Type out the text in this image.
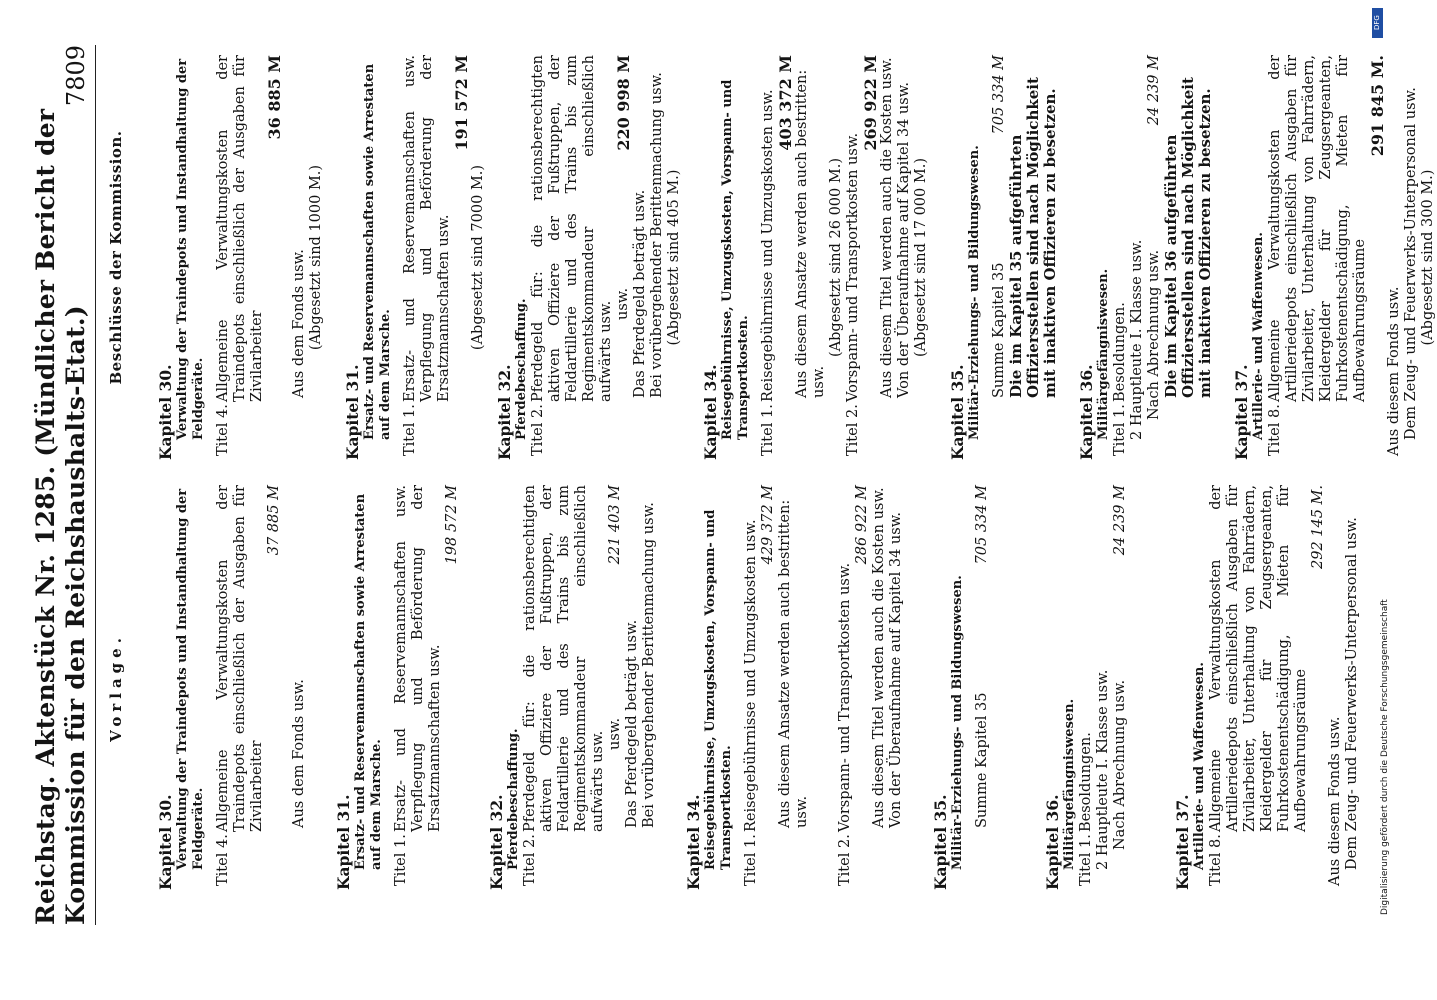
Reichstag. Aktenstück Nr. 1285. (Mündlicher Bericht der Kommission für den Reichshaushalts-Etat.)
7809
Vorlage.
Kapitel 30. Verwaltung der Traindepots und Instandhaltung der Feldgeräte. Titel 4.
Allgemeine Verwaltungskosten der Traindepots einschließlich der Ausgaben für Zivilarbeiter
37 885 M
Aus dem Fonds usw.
Kapitel 31. Ersatz- und Reservemannschaften sowie Arrestaten auf dem Marsche. Titel 1.
Ersatz- und Reservemannschaften usw. Verpflegung und Beförderung der Ersatzmannschaften usw.
198 572 M
Kapitel 32. Pferdebeschaffung. Titel 2.
Pferdegeld für: die rationsberechtigten aktiven Offiziere der Fußtruppen, der Feldartillerie und des Trains bis zum Regimentskommandeur einschließlich aufwärts usw. usw.
221 403 M
Das Pferdegeld beträgt usw. Bei vorübergehender Berittenmachung usw.
Kapitel 34. Reisegebührnisse, Umzugskosten, Vorspann- und Transportkosten. Titel 1.
Reisegebührnisse und Umzugskosten usw. 429 372 M Aus diesem Ansatze werden auch bestritten: usw.
Titel 2.
Vorspann- und Transportkosten usw.
286 922 M Aus diesem Titel werden auch die Kosten usw. Von der Überaufnahme auf Kapitel 34 usw.
Kapitel 35. Militär-Erziehungs- und Bildungswesen. Summe Kapitel 35
705 334 M
Kapitel 36. Militärgefängniswesen. Titel 1.
Besoldungen. 2 Hauptleute I. Klasse usw. Nach Abrechnung usw.
24 239 M
Kapitel 37. Artillerie- und Waffenwesen. Titel 8.
Allgemeine Verwaltungskosten der Artilleriedepots einschließlich Ausgaben für Zivilarbeiter, Unterhaltung von Fahrrädern, Kleidergelder für Zeugsergeanten, Fuhrkostenentschädigung, Mieten für Aufbewahrungsräume
292 145 M.
Aus diesem Fonds usw. Dem Zeug- und Feuerwerks-Unterpersonal usw.
Beschlüsse der Kommission.
Kapitel 30. Verwaltung der Traindepots und Instandhaltung der Feldgeräte. Titel 4.
Allgemeine Verwaltungskosten der Traindepots einschließlich der Ausgaben für Zivilarbeiter
36 885 M
Aus dem Fonds usw. (Abgesetzt sind 1000 M.)
Kapitel 31. Ersatz- und Reservemannschaften sowie Arrestaten auf dem Marsche. Titel 1.
Ersatz- und Reservemannschaften usw. Verpflegung und Beförderung der Ersatzmannschaften usw.
191 572 M
(Abgesetzt sind 7000 M.)
Kapitel 32. Pferdebeschaffung. Titel 2.
Pferdegeld für: die rationsberechtigten aktiven Offiziere der Fußtruppen, der Feldartillerie und des Trains bis zum Regimentskommandeur einschließlich aufwärts usw. usw.
220 998 M
Das Pferdegeld beträgt usw. Bei vorübergehender Berittenmachung usw. (Abgesetzt sind 405 M.)
Kapitel 34. Reisegebührnisse, Umzugskosten, Vorspann- und Transportkosten. Titel 1.
Reisegebührnisse und Umzugskosten usw. 403 372 M Aus diesem Ansatze werden auch bestritten: usw.
(Abgesetzt sind 26 000 M.)
Titel 2.
Vorspann- und Transportkosten usw.
269 922 M Aus diesem Titel werden auch die Kosten usw. Von der Überaufnahme auf Kapitel 34 usw. (Abgesetzt sind 17 000 M.)
Kapitel 35. Militär-Erziehungs- und Bildungswesen. Summe Kapitel 35
705 334 M
Die im Kapitel 35 aufgeführten Offiziersstellen sind nach Möglichkeit mit inaktiven Offizieren zu besetzen.
Kapitel 36. Militärgefängniswesen. Titel 1.
Besoldungen. 2 Hauptleute I. Klasse usw. Nach Abrechnung usw.
24 239 M
Die im Kapitel 36 aufgeführten Offiziersstellen sind nach Möglichkeit mit inaktiven Offizieren zu besetzen.
Kapitel 37. Artillerie- und Waffenwesen. Titel 8.
Allgemeine Verwaltungskosten der Artilleriedepots einschließlich Ausgaben für Zivilarbeiter, Unterhaltung von Fahrrädern, Kleidergelder für Zeugsergeanten, Fuhrkostenentschädigung, Mieten für Aufbewahrungsräume
291 845 M.
Aus diesem Fonds usw. Dem Zeug- und Feuerwerks-Unterpersonal usw. (Abgesetzt sind 300 M.)
DFG
Digitalisierung gefördert durch die Deutsche Forschungsgemeinschaft
